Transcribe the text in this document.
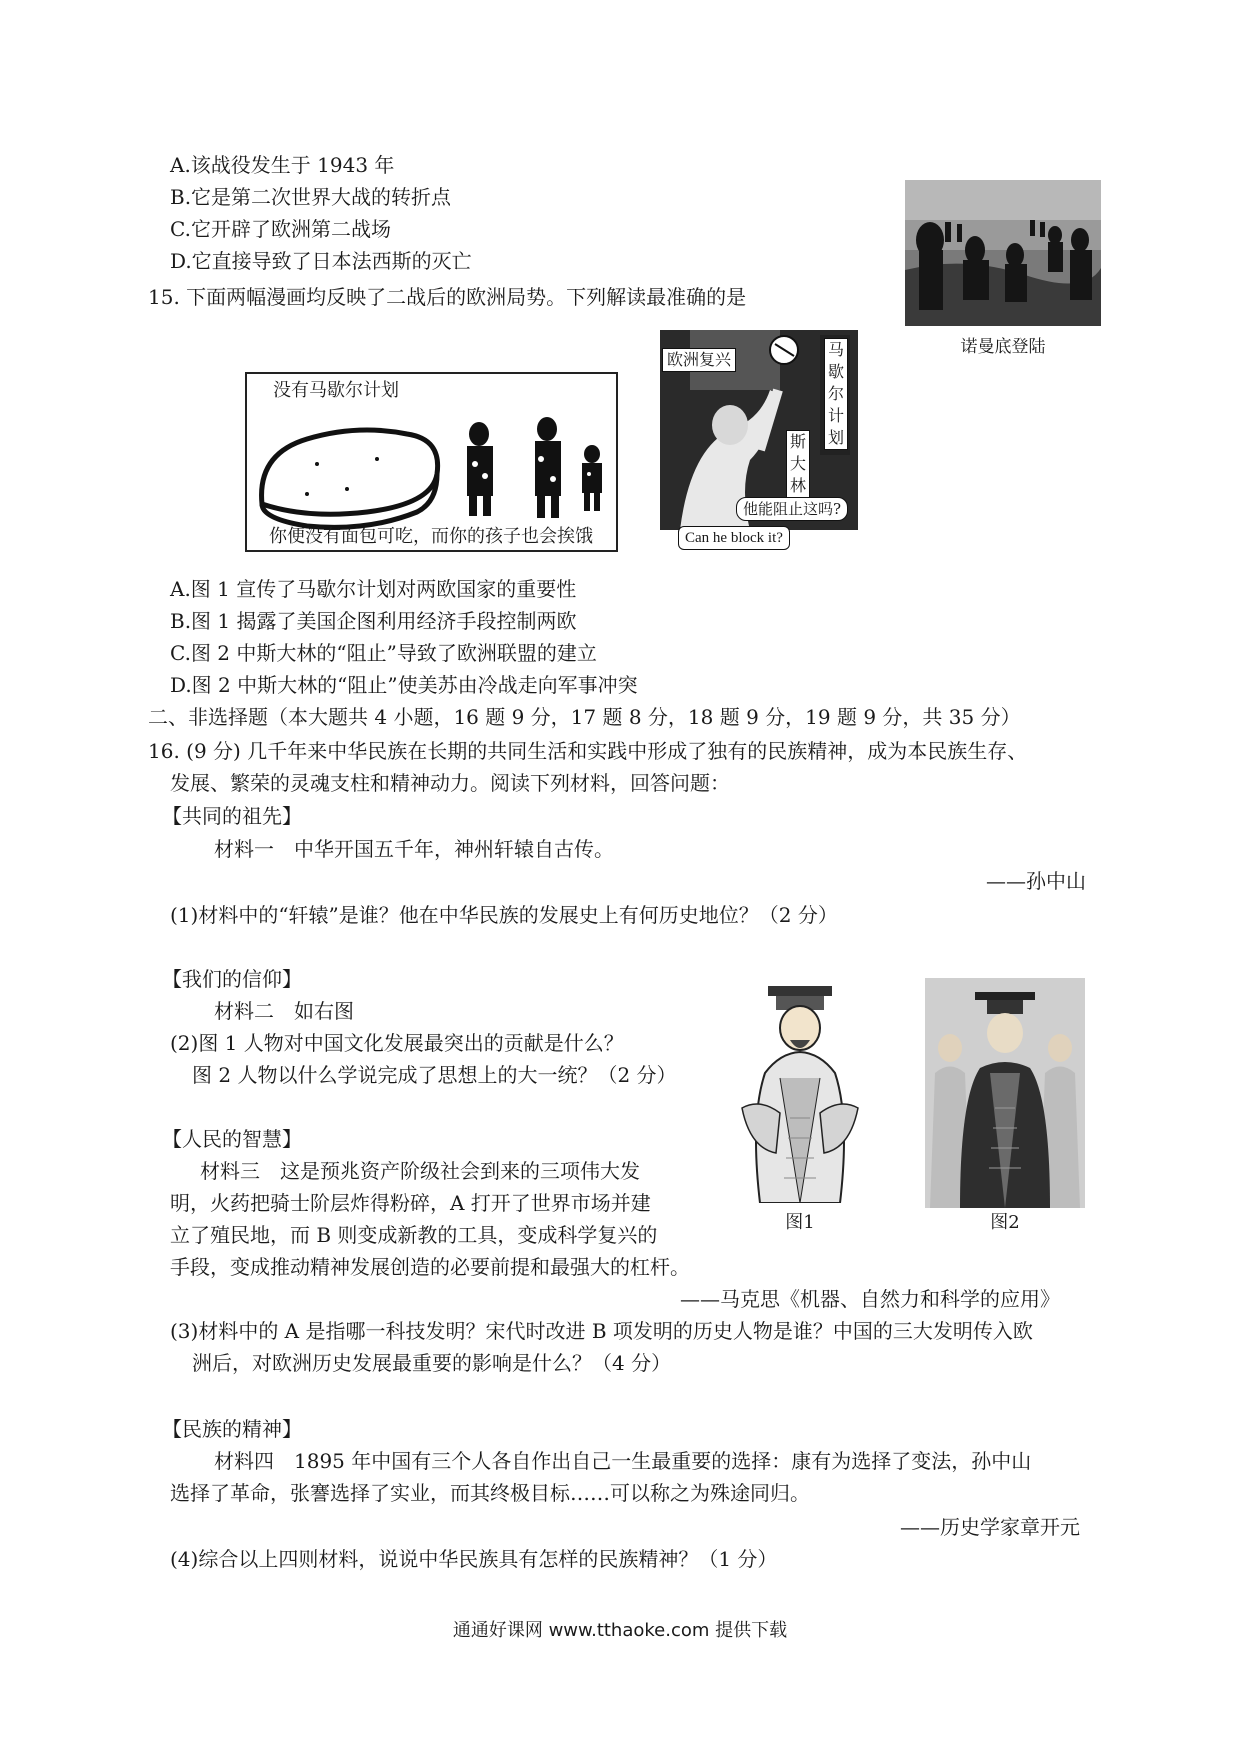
A.该战役发生于 1943 年
B.它是第二次世界大战的转折点
C.它开辟了欧洲第二战场
D.它直接导致了日本法西斯的灭亡
诺曼底登陆
15. 下面两幅漫画均反映了二战后的欧洲局势。下列解读最准确的是
没有马歇尔计划
你便没有面包可吃，而你的孩子也会挨饿
欧洲复兴
马歇尔计划
斯大林
他能阻止这吗?
Can he block it?
A.图 1 宣传了马歇尔计划对两欧国家的重要性
B.图 1 揭露了美国企图利用经济手段控制两欧
C.图 2 中斯大林的“阻止”导致了欧洲联盟的建立
D.图 2 中斯大林的“阻止”使美苏由冷战走向军事冲突
二、非选择题（本大题共 4 小题，16 题 9 分，17 题 8 分，18 题 9 分，19 题 9 分，共 35 分）
16. (9 分) 几千年来中华民族在长期的共同生活和实践中形成了独有的民族精神，成为本民族生存、
发展、繁荣的灵魂支柱和精神动力。阅读下列材料，回答问题：
【共同的祖先】
材料一　中华开国五千年，神州轩辕自古传。
——孙中山
(1)材料中的“轩辕”是谁？他在中华民族的发展史上有何历史地位？（2 分）
【我们的信仰】
材料二　如右图
(2)图 1 人物对中国文化发展最突出的贡献是什么？
图 2 人物以什么学说完成了思想上的大一统？（2 分）
图1	图2
【人民的智慧】
材料三　这是预兆资产阶级社会到来的三项伟大发
明，火药把骑士阶层炸得粉碎，A 打开了世界市场并建
立了殖民地，而 B 则变成新教的工具，变成科学复兴的
手段，变成推动精神发展创造的必要前提和最强大的杠杆。
——马克思《机器、自然力和科学的应用》
(3)材料中的 A 是指哪一科技发明？宋代时改进 B 项发明的历史人物是谁？中国的三大发明传入欧
洲后，对欧洲历史发展最重要的影响是什么？（4 分）
【民族的精神】
材料四　1895 年中国有三个人各自作出自己一生最重要的选择：康有为选择了变法，孙中山
选择了革命，张謇选择了实业，而其终极目标……可以称之为殊途同归。
——历史学家章开元
(4)综合以上四则材料，说说中华民族具有怎样的民族精神？（1 分）
通通好课网 www.tthaoke.com 提供下载
